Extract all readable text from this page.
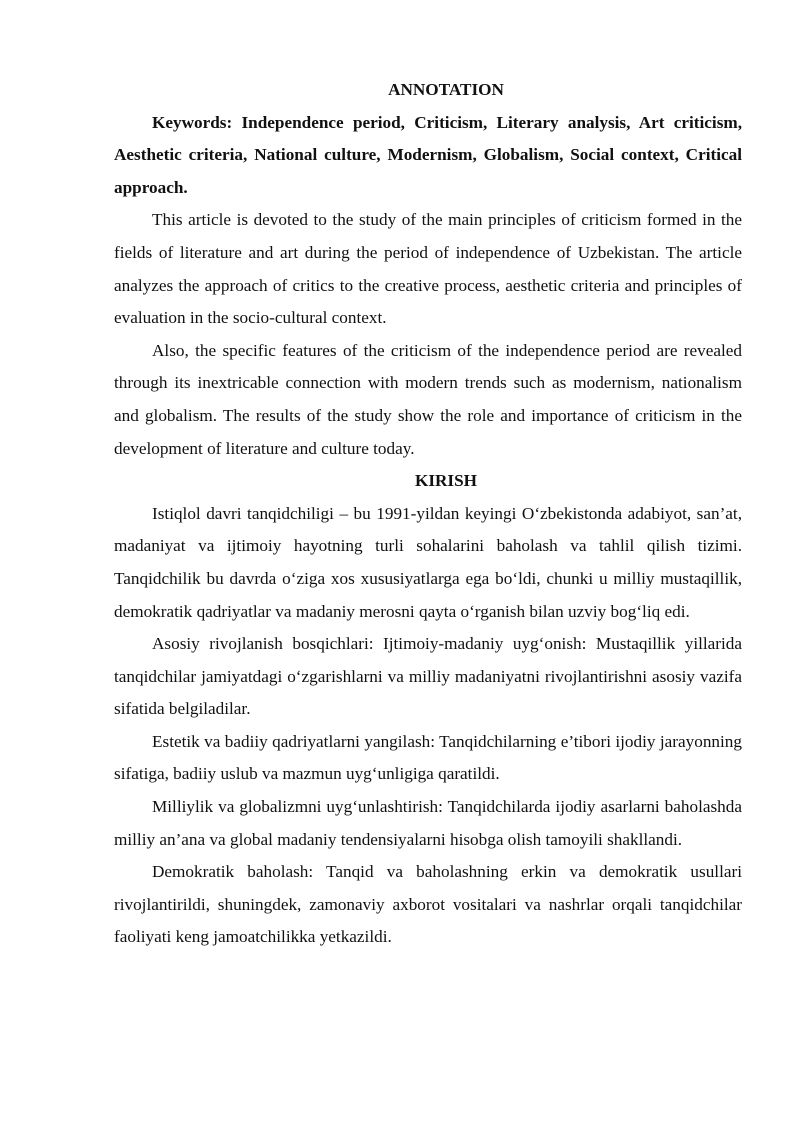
ANNOTATION

Keywords: Independence period, Criticism, Literary analysis, Art criticism, Aesthetic criteria, National culture, Modernism, Globalism, Social context, Critical approach.

This article is devoted to the study of the main principles of criticism formed in the fields of literature and art during the period of independence of Uzbekistan. The article analyzes the approach of critics to the creative process, aesthetic criteria and principles of evaluation in the socio-cultural context.

Also, the specific features of the criticism of the independence period are revealed through its inextricable connection with modern trends such as modernism, nationalism and globalism. The results of the study show the role and importance of criticism in the development of literature and culture today.

KIRISH

Istiqlol davri tanqidchiligi – bu 1991-yildan keyingi O‘zbekistonda adabiyot, san’at, madaniyat va ijtimoiy hayotning turli sohalarini baholash va tahlil qilish tizimi. Tanqidchilik bu davrda o‘ziga xos xususiyatlarga ega bo‘ldi, chunki u milliy mustaqillik, demokratik qadriyatlar va madaniy merosni qayta o‘rganish bilan uzviy bog‘liq edi.

Asosiy rivojlanish bosqichlari: Ijtimoiy-madaniy uyg‘onish: Mustaqillik yillarida tanqidchilar jamiyatdagi o‘zgarishlarni va milliy madaniyatni rivojlantirishni asosiy vazifa sifatida belgiladilar.

Estetik va badiiy qadriyatlarni yangilash: Tanqidchilarning e’tibori ijodiy jarayonning sifatiga, badiiy uslub va mazmun uyg‘unligiga qaratildi.

Milliylik va globalizmni uyg‘unlashtirish: Tanqidchilarda ijodiy asarlarni baholashda milliy an’ana va global madaniy tendensiyalarni hisobga olish tamoyili shakllandi.

Demokratik baholash: Tanqid va baholashning erkin va demokratik usullari rivojlantirildi, shuningdek, zamonaviy axborot vositalari va nashrlar orqali tanqidchilar faoliyati keng jamoatchilikka yetkazildi.
